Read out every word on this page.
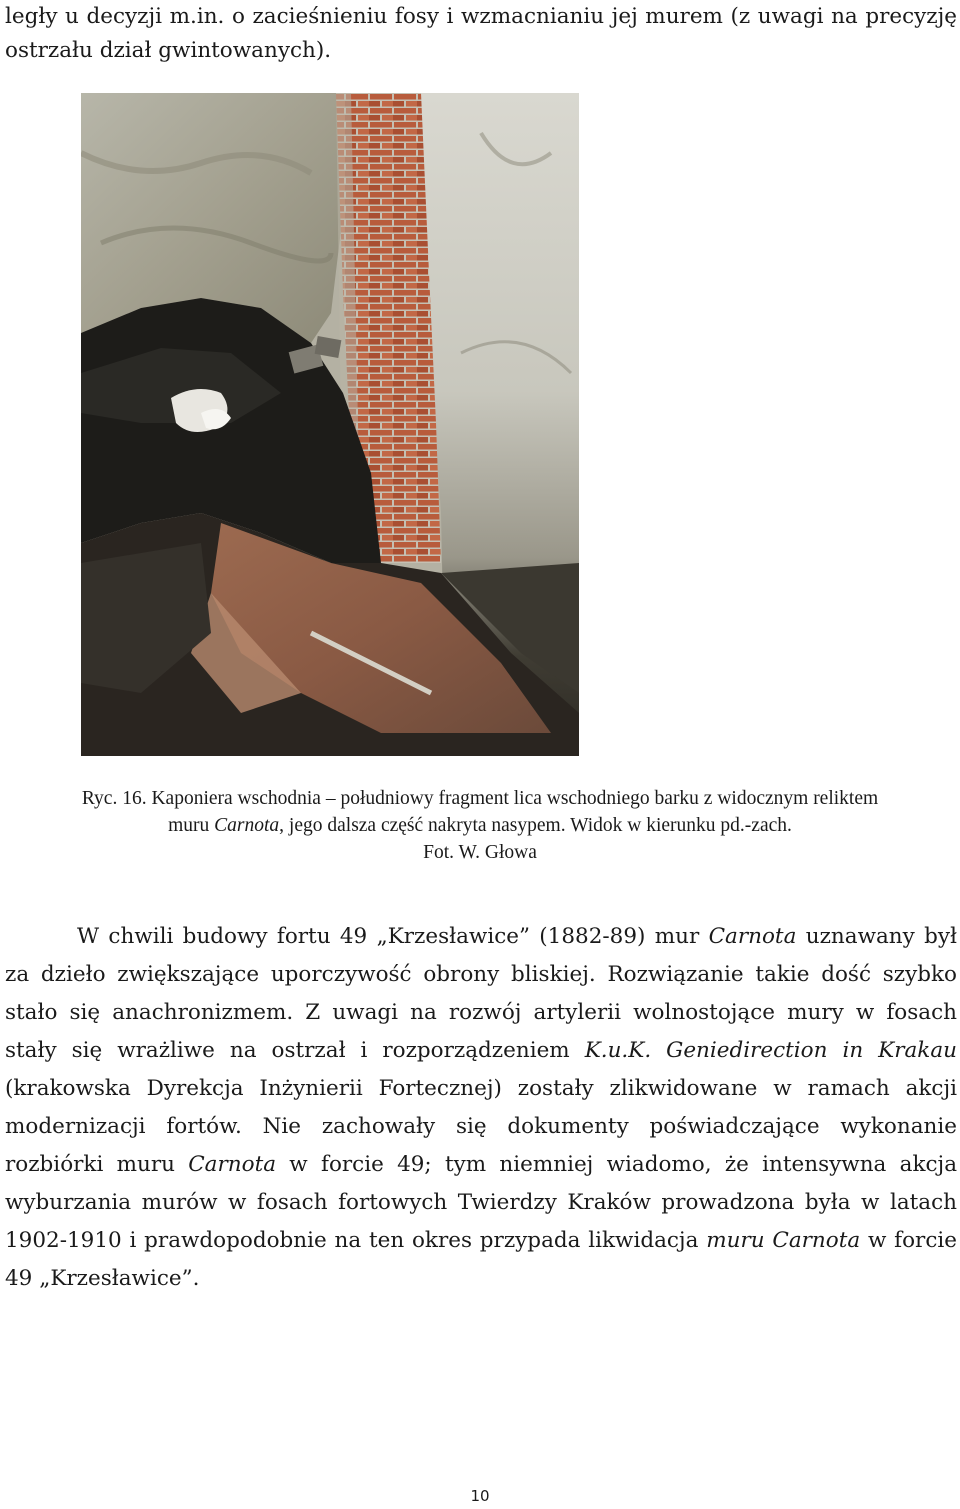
legły u decyzji m.in. o zacieśnieniu fosy i wzmacnianiu jej murem (z uwagi na precyzję ostrzału dział gwintowanych).

Ryc. 16. Kaponiera wschodnia – południowy fragment lica wschodniego barku z widocznym reliktem
muru Carnota, jego dalsza część nakryta nasypem. Widok w kierunku pd.-zach.
Fot. W. Głowa

W chwili budowy fortu 49 „Krzesławice” (1882-89) mur Carnota uznawany był za dzieło zwiększające uporczywość obrony bliskiej. Rozwiązanie takie dość szybko stało się anachronizmem. Z uwagi na rozwój artylerii wolnostojące mury w fosach stały się wrażliwe na ostrzał i rozporządzeniem K.u.K. Geniedirection in Krakau (krakowska Dyrekcja Inżynierii Fortecznej) zostały zlikwidowane w ramach akcji modernizacji fortów. Nie zachowały się dokumenty poświadczające wykonanie rozbiórki muru Carnota w forcie 49; tym niemniej wiadomo, że intensywna akcja wyburzania murów w fosach fortowych Twierdzy Kraków prowadzona była w latach 1902-1910 i prawdopodobnie na ten okres przypada likwidacja muru Carnota w forcie 49 „Krzesławice”.

10
